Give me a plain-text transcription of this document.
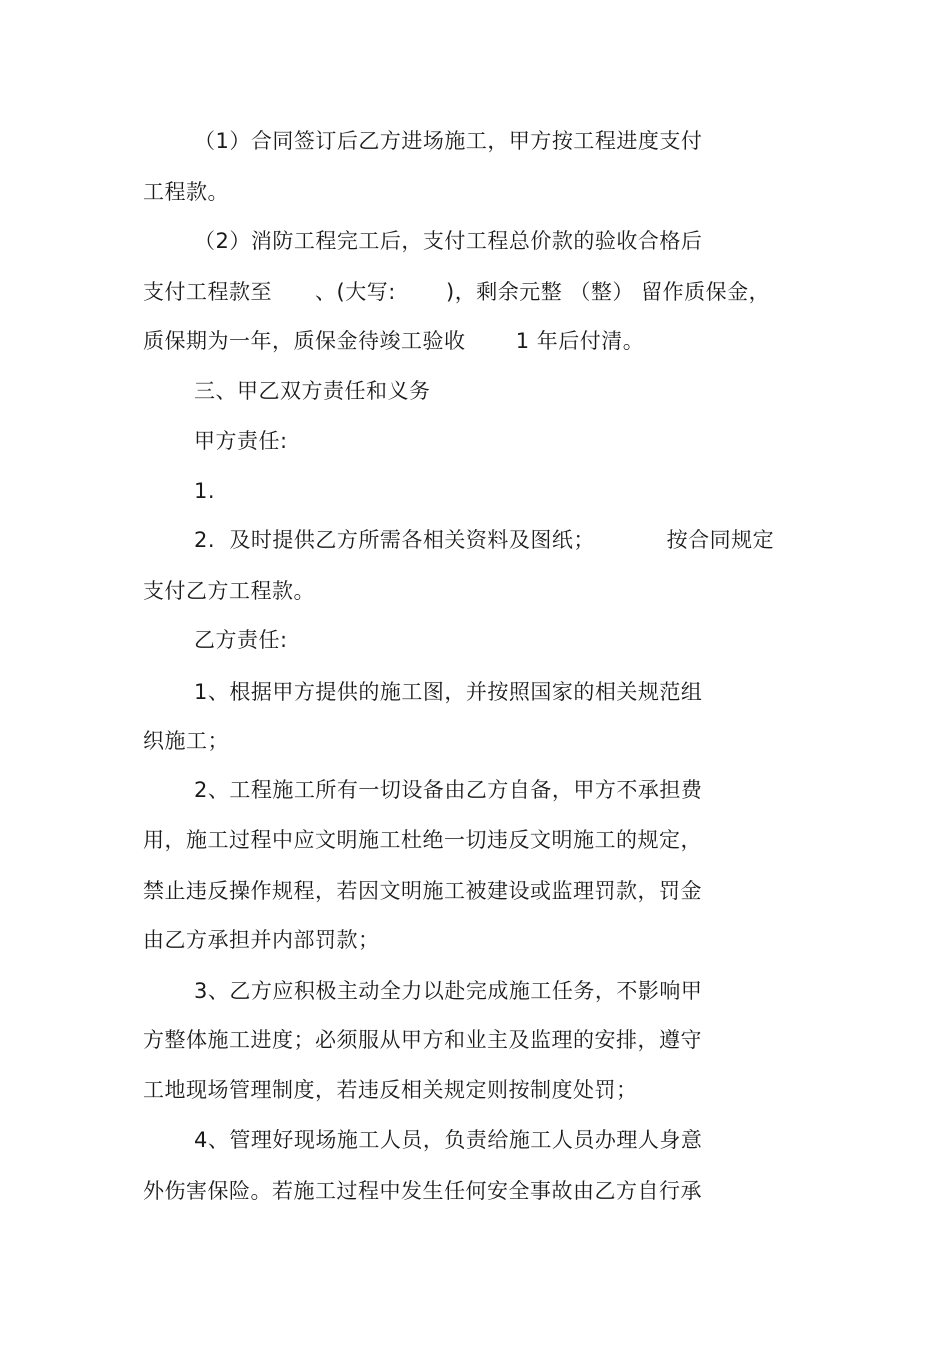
（1）合同签订后乙方进场施工，甲方按工程进度支付
工程款。
（2）消防工程完工后，支付工程总价款的验收合格后
支付工程款至      、(大写:       )，剩余元整 （整） 留作质保金，
质保期为一年，质保金待竣工验收       1 年后付清。
三、甲乙双方责任和义务
甲方责任:
1.
2.  及时提供乙方所需各相关资料及图纸；          按合同规定
支付乙方工程款。
乙方责任:
1、根据甲方提供的施工图，并按照国家的相关规范组
织施工；
2、工程施工所有一切设备由乙方自备，甲方不承担费
用，施工过程中应文明施工杜绝一切违反文明施工的规定，
禁止违反操作规程，若因文明施工被建设或监理罚款，罚金
由乙方承担并内部罚款；
3、乙方应积极主动全力以赴完成施工任务，不影响甲
方整体施工进度；必须服从甲方和业主及监理的安排，遵守
工地现场管理制度，若违反相关规定则按制度处罚；
4、管理好现场施工人员，负责给施工人员办理人身意
外伤害保险。若施工过程中发生任何安全事故由乙方自行承
